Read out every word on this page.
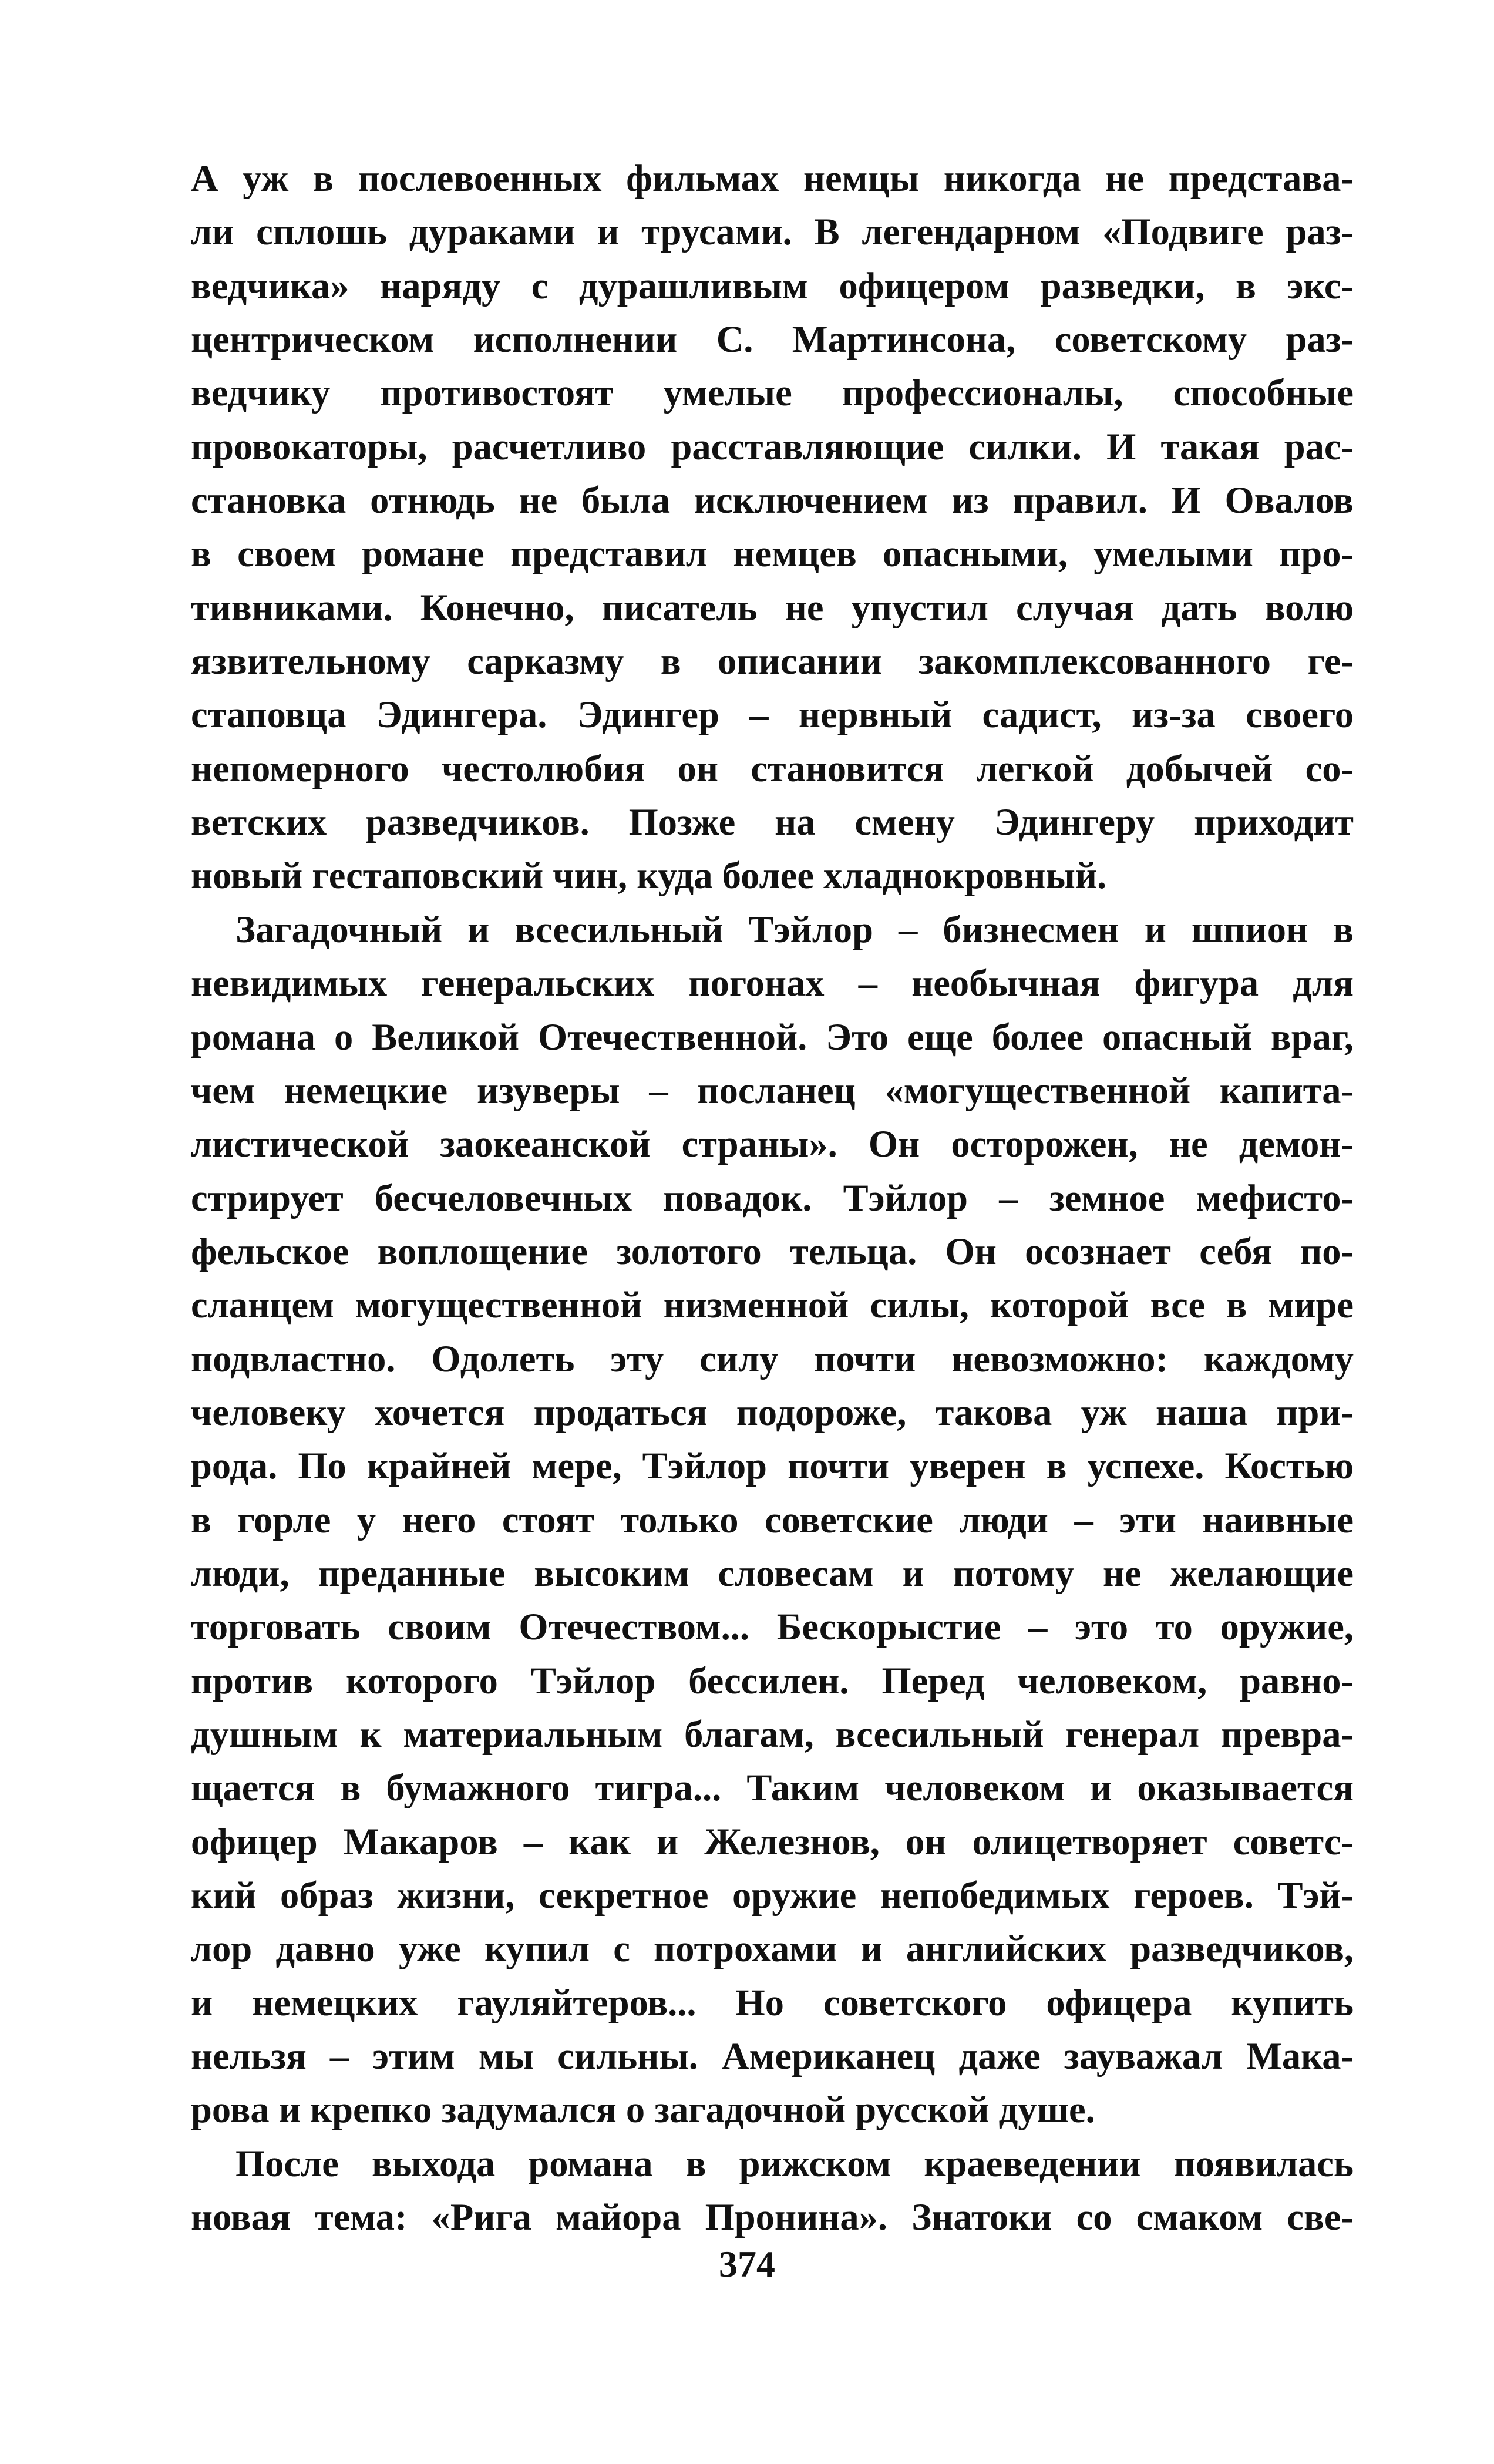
А уж в послевоенных фильмах немцы никогда не представа-
ли сплошь дураками и трусами. В легендарном «Подвиге раз-
ведчика» наряду с дурашливым офицером разведки, в экс-
центрическом исполнении С. Мартинсона, советскому раз-
ведчику противостоят умелые профессионалы, способные
провокаторы, расчетливо расставляющие силки. И такая рас-
становка отнюдь не была исключением из правил. И Овалов
в своем романе представил немцев опасными, умелыми про-
тивниками. Конечно, писатель не упустил случая дать волю
язвительному сарказму в описании закомплексованного ге-
стаповца Эдингера. Эдингер – нервный садист, из-за своего
непомерного честолюбия он становится легкой добычей со-
ветских разведчиков. Позже на смену Эдингеру приходит
новый гестаповский чин, куда более хладнокровный.
Загадочный и всесильный Тэйлор – бизнесмен и шпион в
невидимых генеральских погонах – необычная фигура для
романа о Великой Отечественной. Это еще более опасный враг,
чем немецкие изуверы – посланец «могущественной капита-
листической заокеанской страны». Он осторожен, не демон-
стрирует бесчеловечных повадок. Тэйлор – земное мефисто-
фельское воплощение золотого тельца. Он осознает себя по-
сланцем могущественной низменной силы, которой все в мире
подвластно. Одолеть эту силу почти невозможно: каждому
человеку хочется продаться подороже, такова уж наша при-
рода. По крайней мере, Тэйлор почти уверен в успехе. Костью
в горле у него стоят только советские люди – эти наивные
люди, преданные высоким словесам и потому не желающие
торговать своим Отечеством... Бескорыстие – это то оружие,
против которого Тэйлор бессилен. Перед человеком, равно-
душным к материальным благам, всесильный генерал превра-
щается в бумажного тигра... Таким человеком и оказывается
офицер Макаров – как и Железнов, он олицетворяет советс-
кий образ жизни, секретное оружие непобедимых героев. Тэй-
лор давно уже купил с потрохами и английских разведчиков,
и немецких гауляйтеров... Но советского офицера купить
нельзя – этим мы сильны. Американец даже зауважал Мака-
рова и крепко задумался о загадочной русской душе.
После выхода романа в рижском краеведении появилась
новая тема: «Рига майора Пронина». Знатоки со смаком све-
374
